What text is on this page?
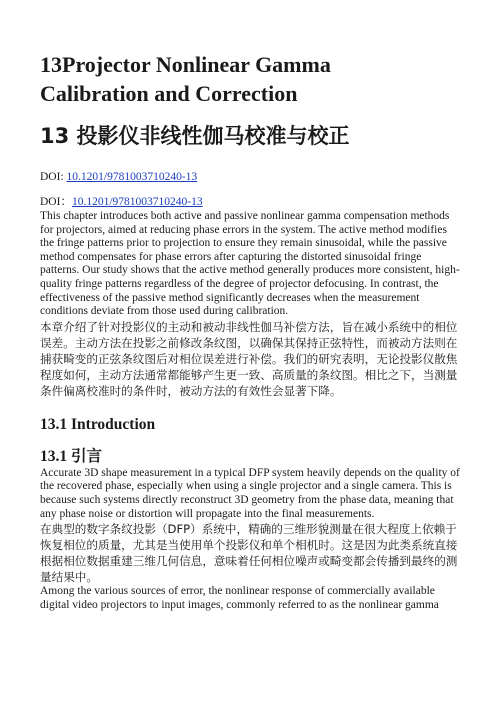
13Projector Nonlinear Gamma
Calibration and Correction
13 投影仪非线性伽马校准与校正

DOI: 10.1201/9781003710240-13

DOI：10.1201/9781003710240-13

This chapter introduces both active and passive nonlinear gamma compensation methods for projectors, aimed at reducing phase errors in the system. The active method modifies the fringe patterns prior to projection to ensure they remain sinusoidal, while the passive method compensates for phase errors after capturing the distorted sinusoidal fringe patterns. Our study shows that the active method generally produces more consistent, high-quality fringe patterns regardless of the degree of projector defocusing. In contrast, the effectiveness of the passive method significantly decreases when the measurement conditions deviate from those used during calibration.

本章介绍了针对投影仪的主动和被动非线性伽马补偿方法，旨在减小系统中的相位误差。主动方法在投影之前修改条纹图，以确保其保持正弦特性，而被动方法则在捕获畸变的正弦条纹图后对相位误差进行补偿。我们的研究表明，无论投影仪散焦程度如何，主动方法通常都能够产生更一致、高质量的条纹图。相比之下，当测量条件偏离校准时的条件时，被动方法的有效性会显著下降。

13.1 Introduction
13.1 引言

Accurate 3D shape measurement in a typical DFP system heavily depends on the quality of the recovered phase, especially when using a single projector and a single camera. This is because such systems directly reconstruct 3D geometry from the phase data, meaning that any phase noise or distortion will propagate into the final measurements.

在典型的数字条纹投影（DFP）系统中，精确的三维形貌测量在很大程度上依赖于恢复相位的质量，尤其是当使用单个投影仪和单个相机时。这是因为此类系统直接根据相位数据重建三维几何信息，意味着任何相位噪声或畸变都会传播到最终的测量结果中。

Among the various sources of error, the nonlinear response of commercially available digital video projectors to input images, commonly referred to as the nonlinear gamma
